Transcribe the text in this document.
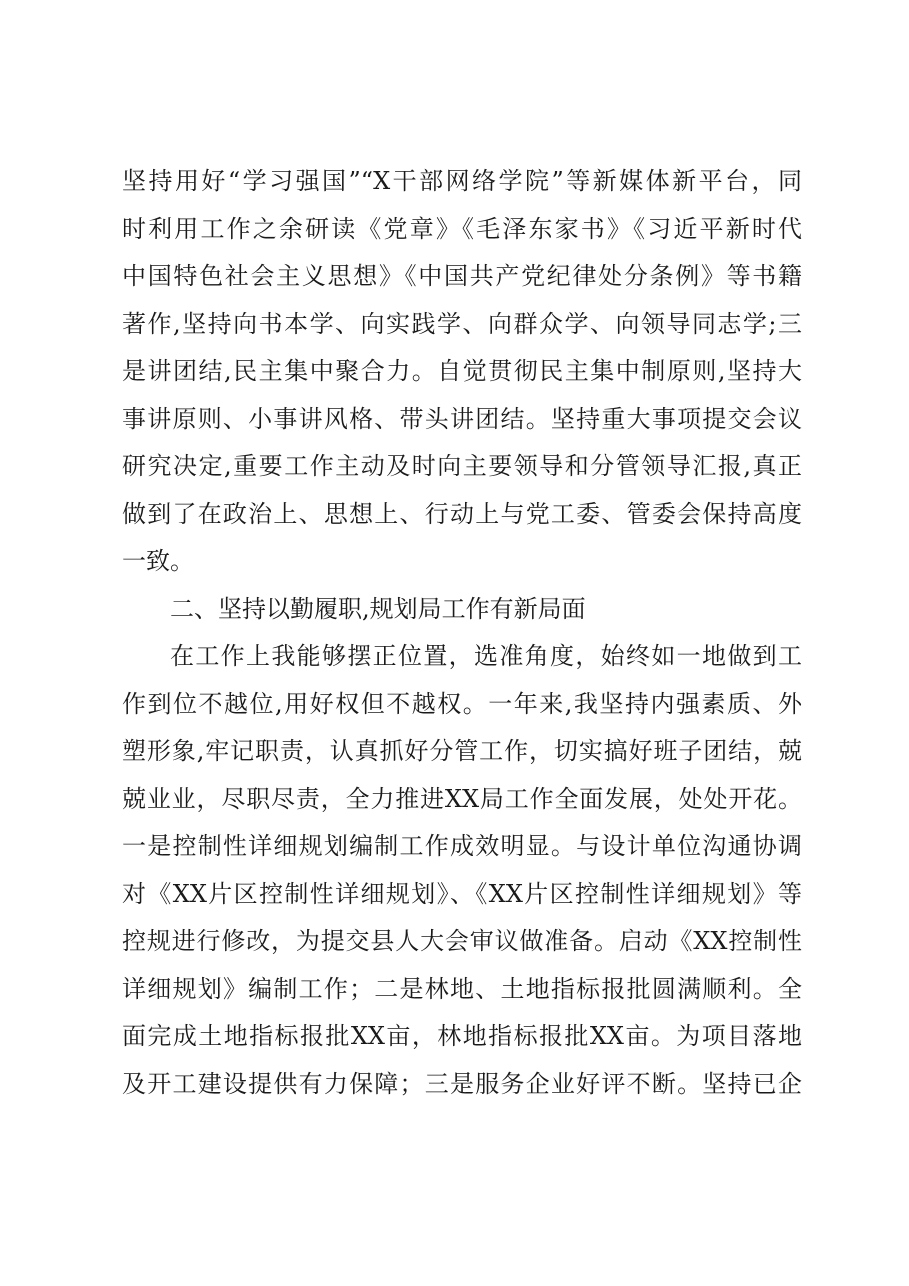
坚持用好“学习强国”“X干部网络学院”等新媒体新平台，同
时利用工作之余研读《党章》《毛泽东家书》《习近平新时代
中国特色社会主义思想》《中国共产党纪律处分条例》等书籍
著作,坚持向书本学、向实践学、向群众学、向领导同志学;三
是讲团结,民主集中聚合力。自觉贯彻民主集中制原则,坚持大
事讲原则、小事讲风格、带头讲团结。坚持重大事项提交会议
研究决定,重要工作主动及时向主要领导和分管领导汇报,真正
做到了在政治上、思想上、行动上与党工委、管委会保持高度
一致。
二、坚持以勤履职,规划局工作有新局面
在工作上我能够摆正位置，选准角度，始终如一地做到工
作到位不越位,用好权但不越权。一年来,我坚持内强素质、外
塑形象,牢记职责，认真抓好分管工作，切实搞好班子团结，兢
兢业业，尽职尽责，全力推进XX局工作全面发展，处处开花。
一是控制性详细规划编制工作成效明显。与设计单位沟通协调
对《XX片区控制性详细规划》、《XX片区控制性详细规划》等
控规进行修改，为提交县人大会审议做准备。启动《XX控制性
详细规划》编制工作；二是林地、土地指标报批圆满顺利。全
面完成土地指标报批XX亩，林地指标报批XX亩。为项目落地
及开工建设提供有力保障；三是服务企业好评不断。坚持已企
